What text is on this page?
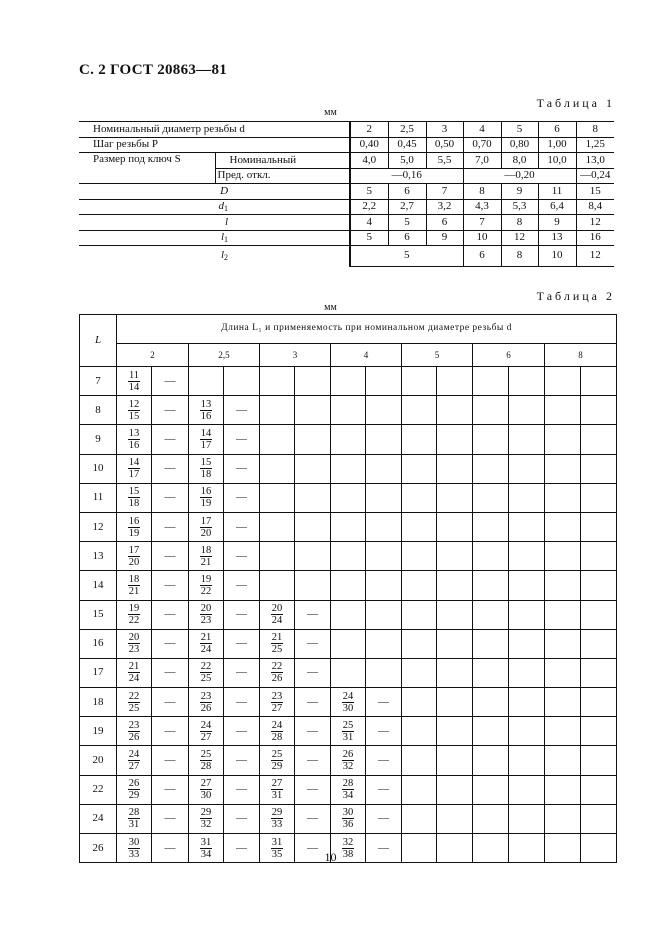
С. 2 ГОСТ 20863—81
Таблица 1
мм
Номинальный диаметр резьбы d		2	2,5	3	4	5	6	8
Шаг резьбы P		0,40	0,45	0,50	0,70	0,80	1,00	1,25
Размер под ключ S	Номинальный	4,0	5,0	5,5	7,0	8,0	10,0	13,0
	Пред. откл.	—0,16			—0,20			—0,24
D		5	6	7	8	9	11	15
$d_1$		2,2	2,7	3,2	4,3	5,3	6,4	8,4
l		4	5	6	7	8	9	12
$l_1$		5	6	9	10	12	13	16
$l_2$		5			6	8	10	12
Таблица 2
мм
L	Длина L₁ и применяемость при номинальном диаметре резьбы d													
	2		2,5		3		4		5		6		8	
7	$\frac{11}{14}$	—												
8	$\frac{12}{15}$	—	$\frac{13}{16}$	—										
9	$\frac{13}{16}$	—	$\frac{14}{17}$	—										
10	$\frac{14}{17}$	—	$\frac{15}{18}$	—										
11	$\frac{15}{18}$	—	$\frac{16}{19}$	—										
12	$\frac{16}{19}$	—	$\frac{17}{20}$	—										
13	$\frac{17}{20}$	—	$\frac{18}{21}$	—										
14	$\frac{18}{21}$	—	$\frac{19}{22}$	—										
15	$\frac{19}{22}$	—	$\frac{20}{23}$	—	$\frac{20}{24}$	—								
16	$\frac{20}{23}$	—	$\frac{21}{24}$	—	$\frac{21}{25}$	—								
17	$\frac{21}{24}$	—	$\frac{22}{25}$	—	$\frac{22}{26}$	—								
18	$\frac{22}{25}$	—	$\frac{23}{26}$	—	$\frac{23}{27}$	—	$\frac{24}{30}$	—						
19	$\frac{23}{26}$	—	$\frac{24}{27}$	—	$\frac{24}{28}$	—	$\frac{25}{31}$	—						
20	$\frac{24}{27}$	—	$\frac{25}{28}$	—	$\frac{25}{29}$	—	$\frac{26}{32}$	—						
22	$\frac{26}{29}$	—	$\frac{27}{30}$	—	$\frac{27}{31}$	—	$\frac{28}{34}$	—						
24	$\frac{28}{31}$	—	$\frac{29}{32}$	—	$\frac{29}{33}$	—	$\frac{30}{36}$	—						
26	$\frac{30}{33}$	—	$\frac{31}{34}$	—	$\frac{31}{35}$	—	$\frac{32}{38}$	—						
10
